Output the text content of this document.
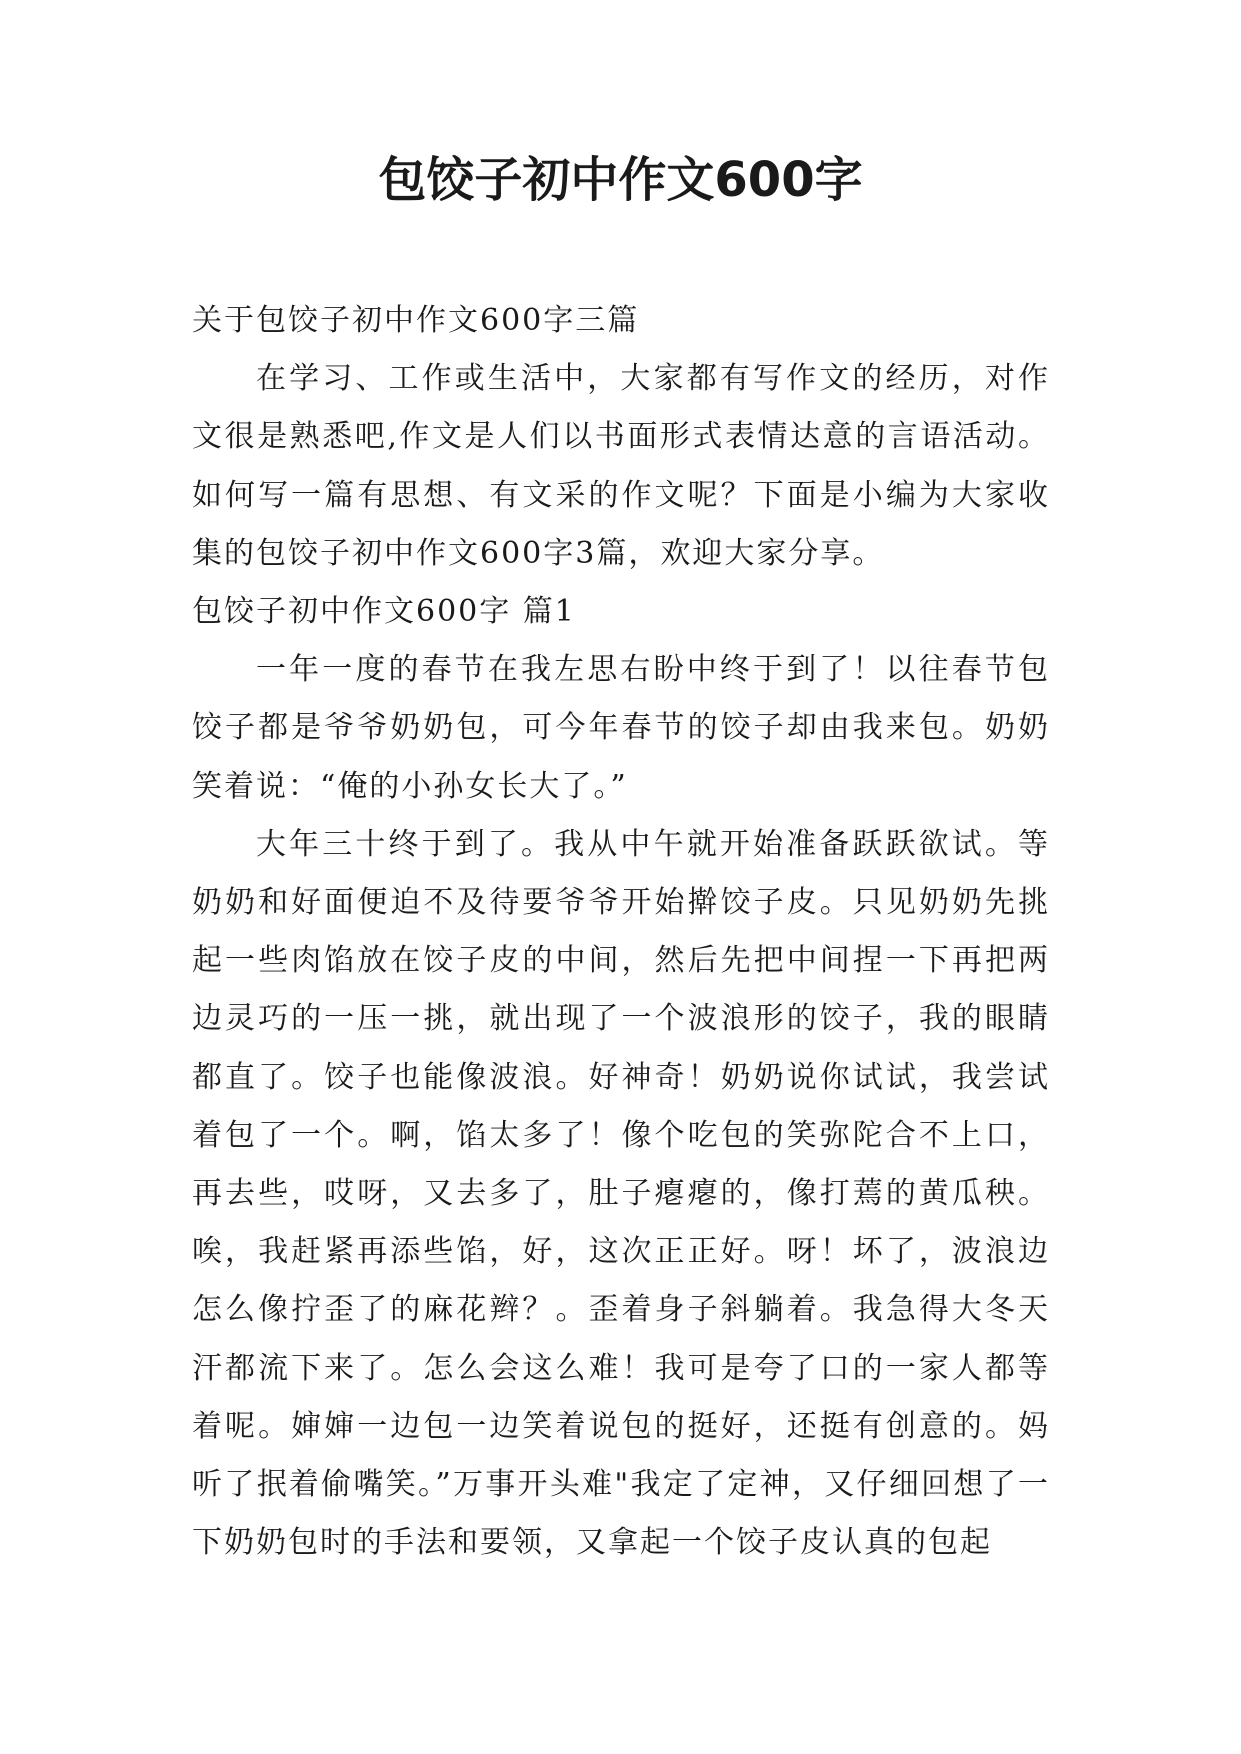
包饺子初中作文600字

关于包饺子初中作文600字三篇

在学习、工作或生活中，大家都有写作文的经历，对作文很是熟悉吧,作文是人们以书面形式表情达意的言语活动。如何写一篇有思想、有文采的作文呢？下面是小编为大家收集的包饺子初中作文600字3篇，欢迎大家分享。

包饺子初中作文600字 篇1

一年一度的春节在我左思右盼中终于到了！以往春节包饺子都是爷爷奶奶包，可今年春节的饺子却由我来包。奶奶笑着说：“俺的小孙女长大了。”

大年三十终于到了。我从中午就开始准备跃跃欲试。等奶奶和好面便迫不及待要爷爷开始擀饺子皮。只见奶奶先挑起一些肉馅放在饺子皮的中间，然后先把中间捏一下再把两边灵巧的一压一挑，就出现了一个波浪形的饺子，我的眼睛都直了。饺子也能像波浪。好神奇！奶奶说你试试，我尝试着包了一个。啊，馅太多了！像个吃包的笑弥陀合不上口，再去些，哎呀，又去多了，肚子瘪瘪的，像打蔫的黄瓜秧。唉，我赶紧再添些馅，好，这次正正好。呀！坏了，波浪边怎么像拧歪了的麻花辫？。歪着身子斜躺着。我急得大冬天汗都流下来了。怎么会这么难！我可是夸了口的一家人都等着呢。婶婶一边包一边笑着说包的挺好，还挺有创意的。妈听了抿着偷嘴笑。”万事开头难"我定了定神，又仔细回想了一下奶奶包时的手法和要领，又拿起一个饺子皮认真的包起
